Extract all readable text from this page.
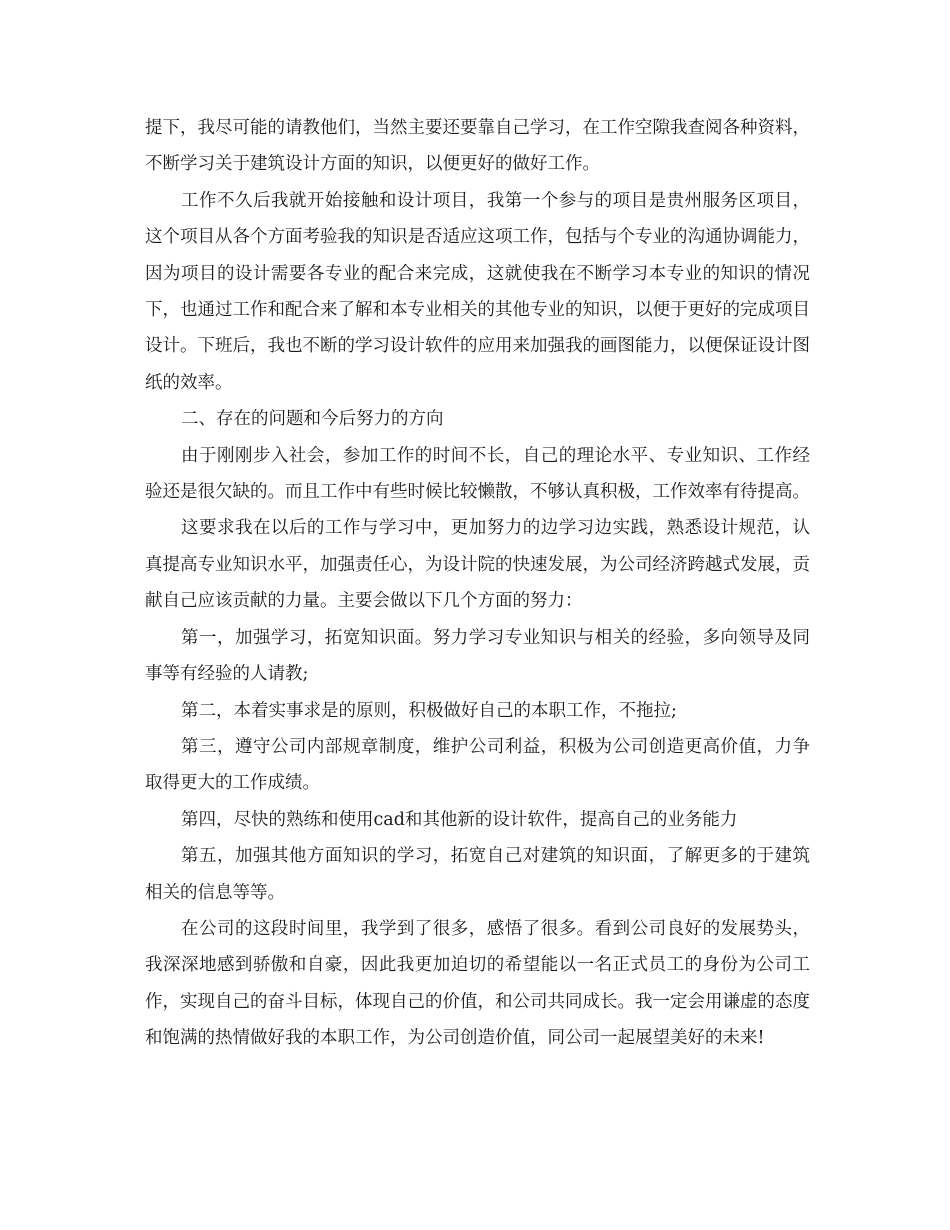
提下，我尽可能的请教他们，当然主要还要靠自己学习，在工作空隙我查阅各种资料，不断学习关于建筑设计方面的知识，以便更好的做好工作。

工作不久后我就开始接触和设计项目，我第一个参与的项目是贵州服务区项目，这个项目从各个方面考验我的知识是否适应这项工作，包括与个专业的沟通协调能力，因为项目的设计需要各专业的配合来完成，这就使我在不断学习本专业的知识的情况下，也通过工作和配合来了解和本专业相关的其他专业的知识，以便于更好的完成项目设计。下班后，我也不断的学习设计软件的应用来加强我的画图能力，以便保证设计图纸的效率。

二、存在的问题和今后努力的方向

由于刚刚步入社会，参加工作的时间不长，自己的理论水平、专业知识、工作经验还是很欠缺的。而且工作中有些时候比较懒散，不够认真积极，工作效率有待提高。

这要求我在以后的工作与学习中，更加努力的边学习边实践，熟悉设计规范，认真提高专业知识水平，加强责任心，为设计院的快速发展，为公司经济跨越式发展，贡献自己应该贡献的力量。主要会做以下几个方面的努力：

第一，加强学习，拓宽知识面。努力学习专业知识与相关的经验，多向领导及同事等有经验的人请教;

第二，本着实事求是的原则，积极做好自己的本职工作，不拖拉;

第三，遵守公司内部规章制度，维护公司利益，积极为公司创造更高价值，力争取得更大的工作成绩。

第四，尽快的熟练和使用cad和其他新的设计软件，提高自己的业务能力

第五，加强其他方面知识的学习，拓宽自己对建筑的知识面，了解更多的于建筑相关的信息等等。

在公司的这段时间里，我学到了很多，感悟了很多。看到公司良好的发展势头，我深深地感到骄傲和自豪，因此我更加迫切的希望能以一名正式员工的身份为公司工作，实现自己的奋斗目标，体现自己的价值，和公司共同成长。我一定会用谦虚的态度和饱满的热情做好我的本职工作，为公司创造价值，同公司一起展望美好的未来!
